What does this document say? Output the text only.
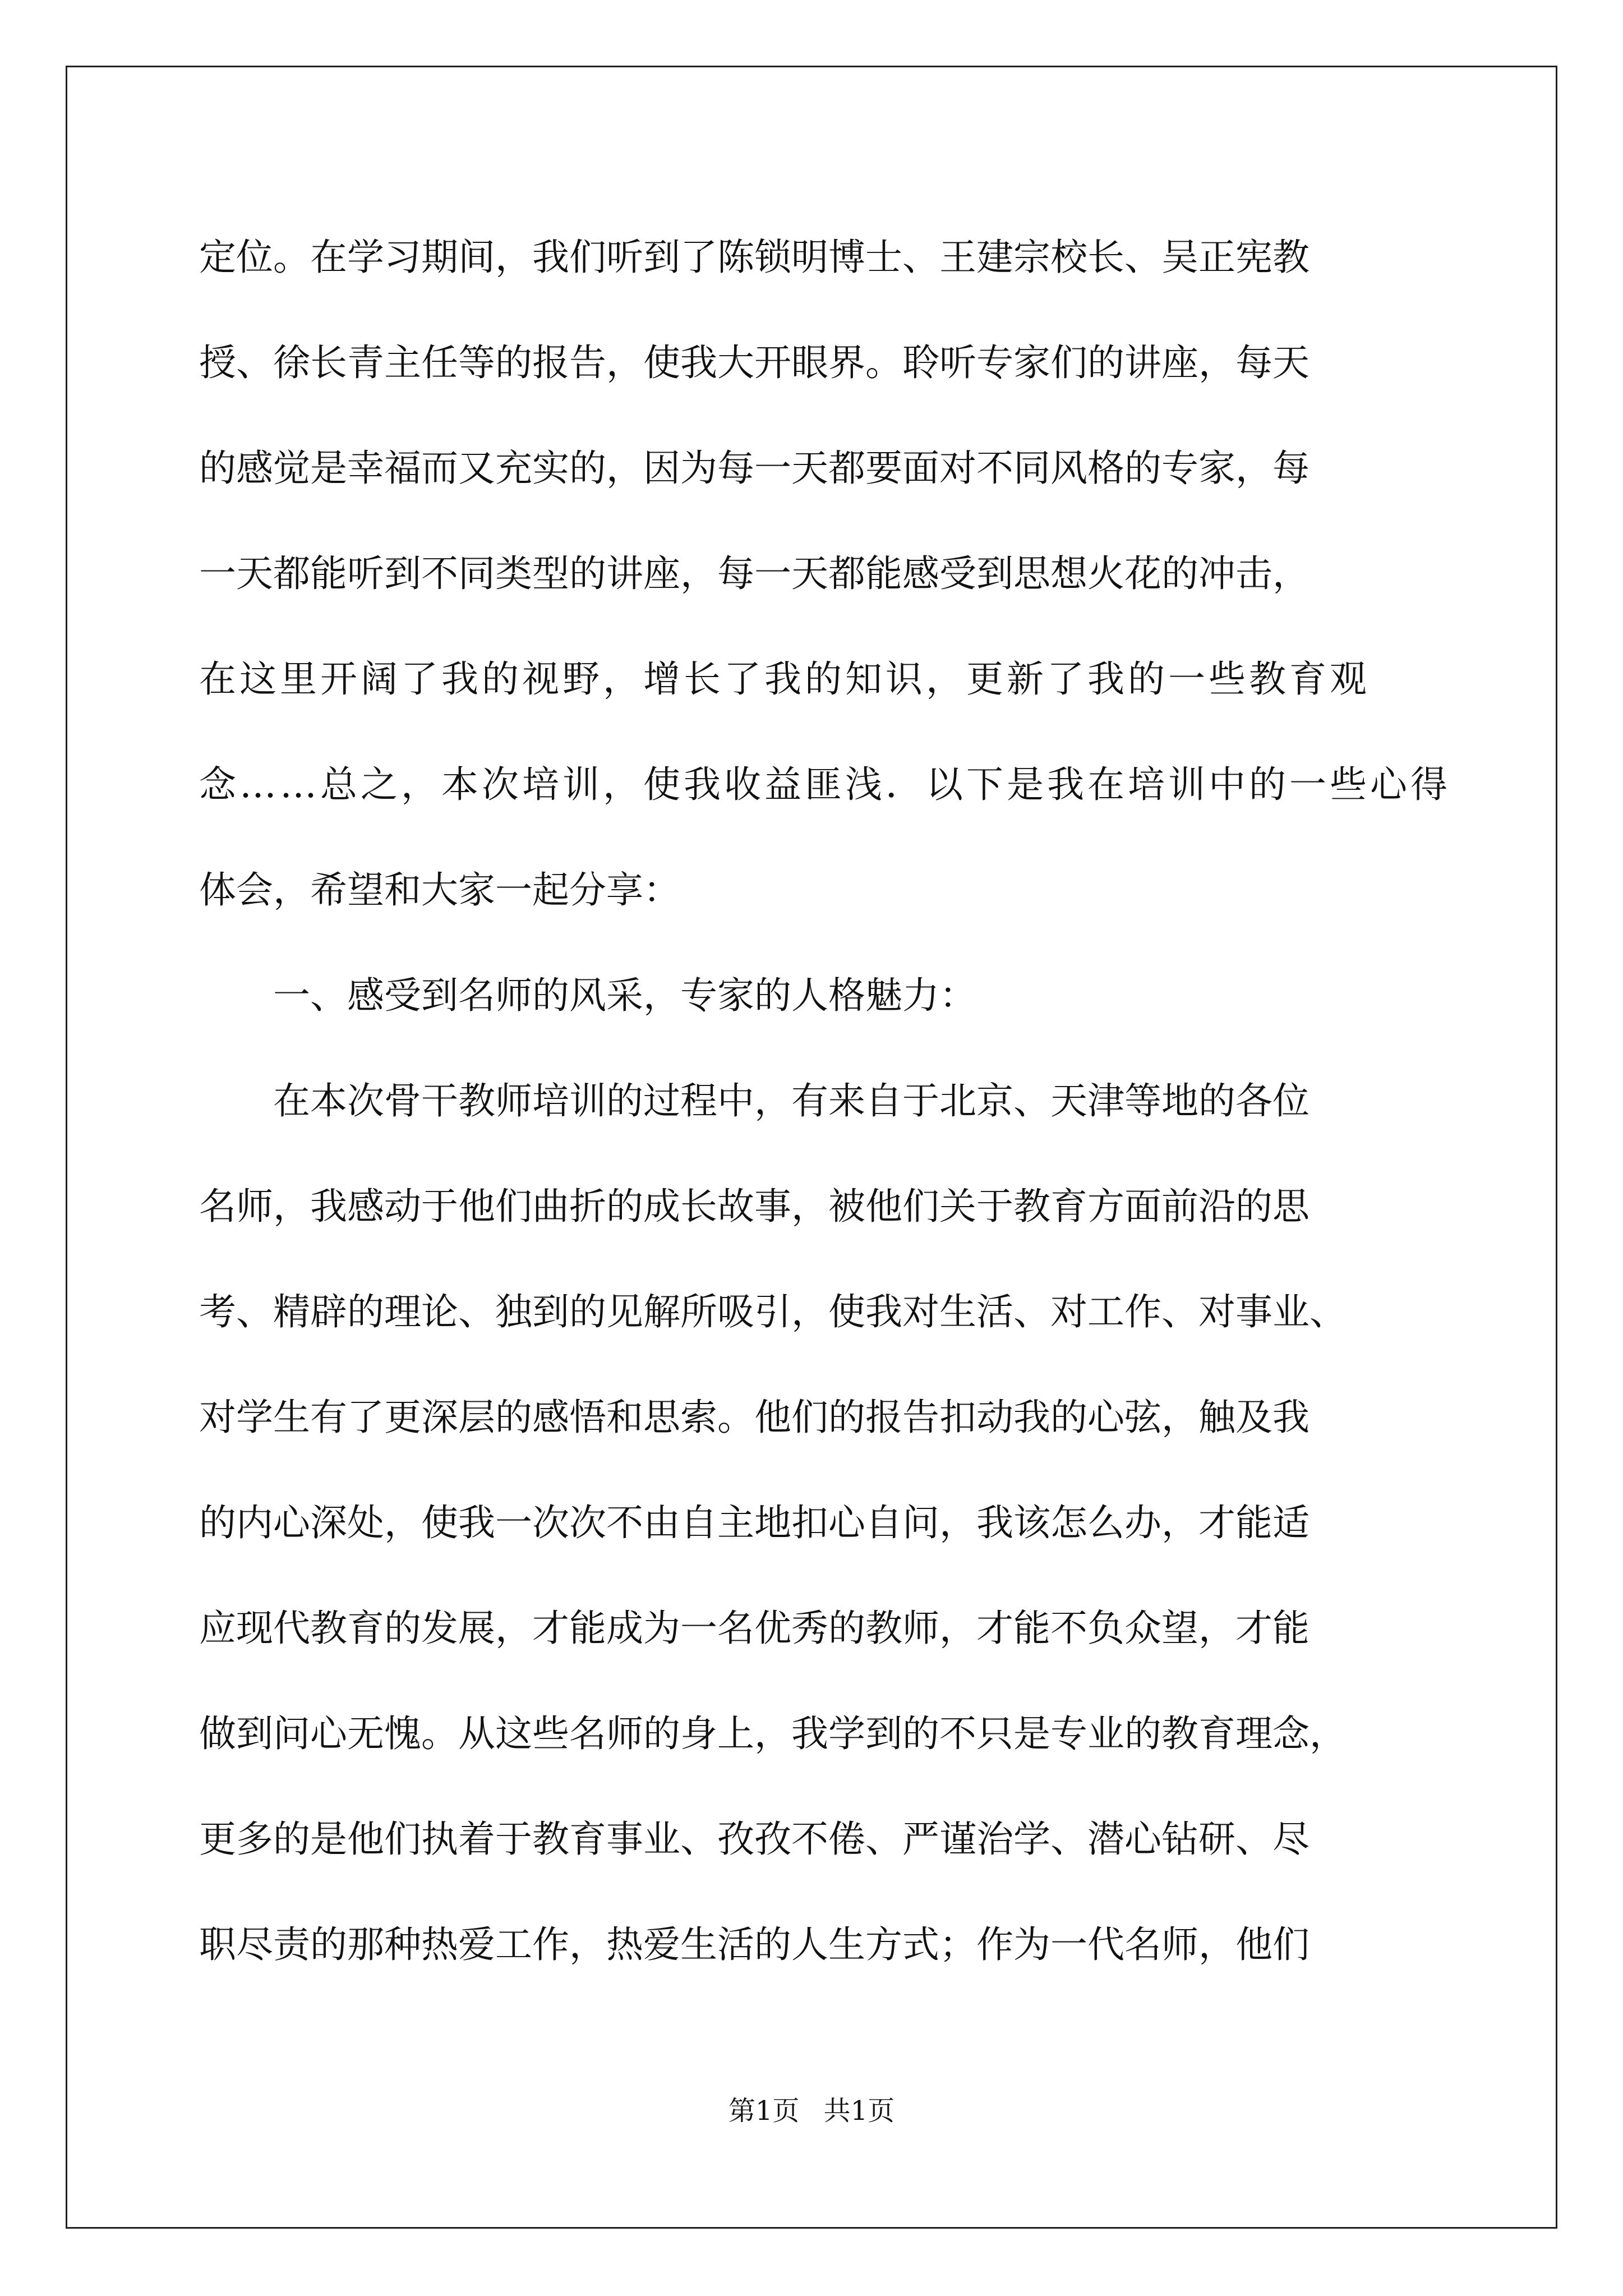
定位。在学习期间，我们听到了陈锁明博士、王建宗校长、吴正宪教
授、徐长青主任等的报告，使我大开眼界。聆听专家们的讲座，每天
的感觉是幸福而又充实的，因为每一天都要面对不同风格的专家，每
一天都能听到不同类型的讲座，每一天都能感受到思想火花的冲击，
在这里开阔了我的视野，增长了我的知识，更新了我的一些教育观
念……总之，本次培训，使我收益匪浅．以下是我在培训中的一些心得
体会，希望和大家一起分享：
一、感受到名师的风采，专家的人格魅力：
在本次骨干教师培训的过程中，有来自于北京、天津等地的各位
名师，我感动于他们曲折的成长故事，被他们关于教育方面前沿的思
考、精辟的理论、独到的见解所吸引，使我对生活、对工作、对事业、
对学生有了更深层的感悟和思索。他们的报告扣动我的心弦，触及我
的内心深处，使我一次次不由自主地扣心自问，我该怎么办，才能适
应现代教育的发展，才能成为一名优秀的教师，才能不负众望，才能
做到问心无愧。从这些名师的身上，我学到的不只是专业的教育理念，
更多的是他们执着于教育事业、孜孜不倦、严谨治学、潜心钻研、尽
职尽责的那种热爱工作，热爱生活的人生方式；作为一代名师，他们
第1页 共1页
